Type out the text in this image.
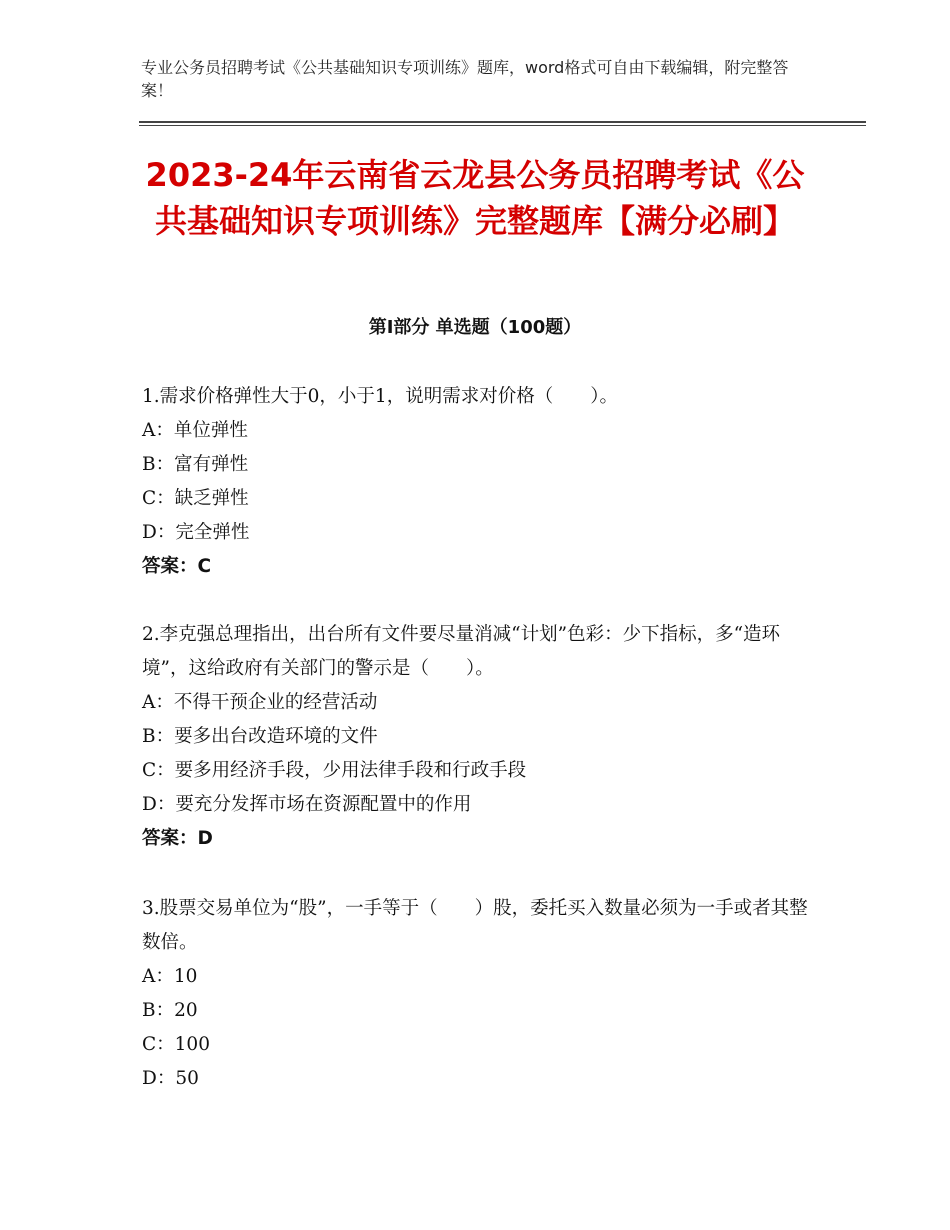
专业公务员招聘考试《公共基础知识专项训练》题库，word格式可自由下载编辑，附完整答案！
2023-24年云南省云龙县公务员招聘考试《公共基础知识专项训练》完整题库【满分必刷】
第Ⅰ部分 单选题（100题）

1.需求价格弹性大于0，小于1，说明需求对价格（　　）。

A：单位弹性

B：富有弹性

C：缺乏弹性

D：完全弹性

答案：C

2.李克强总理指出，出台所有文件要尽量消减“计划”色彩：少下指标，多“造环境”，这给政府有关部门的警示是（　　）。

A：不得干预企业的经营活动

B：要多出台改造环境的文件

C：要多用经济手段，少用法律手段和行政手段

D：要充分发挥市场在资源配置中的作用

答案：D

3.股票交易单位为“股”，一手等于（　　）股，委托买入数量必须为一手或者其整数倍。

A：10

B：20

C：100

D：50
